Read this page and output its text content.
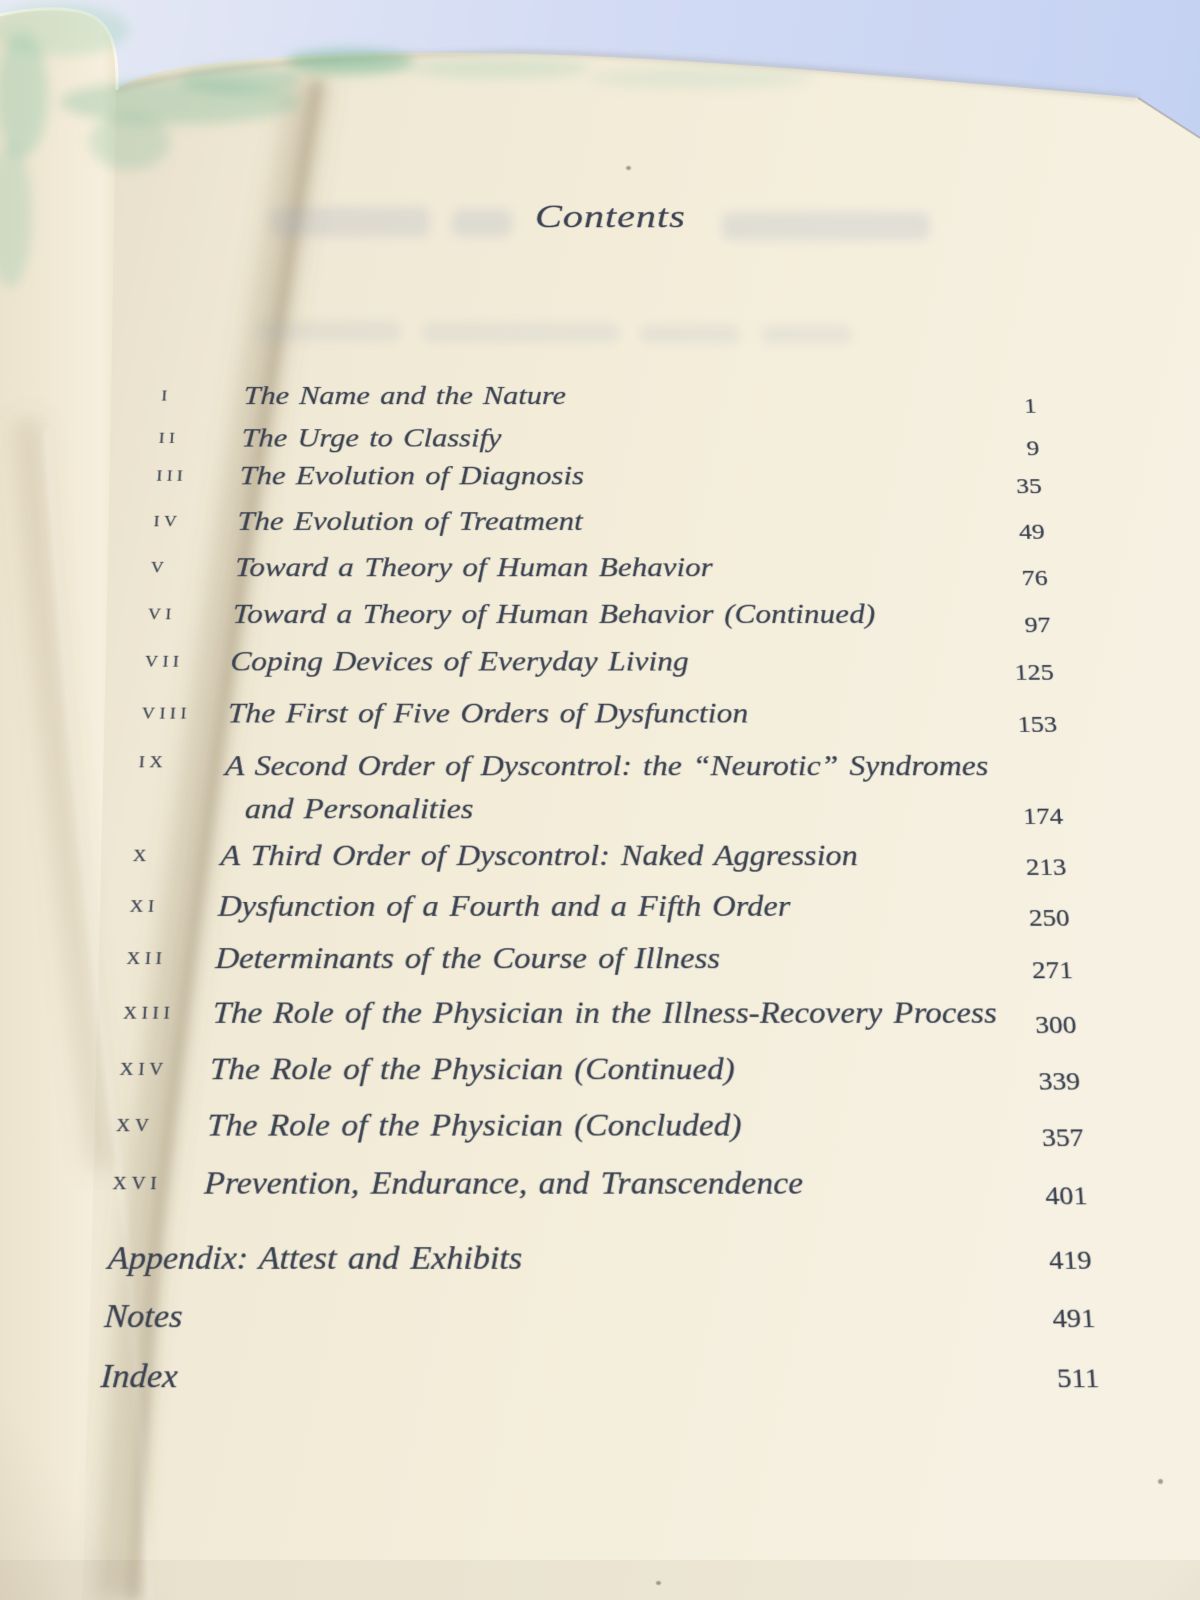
Contents
I The Name and the Nature	1
II The Urge to Classify	9
III The Evolution of Diagnosis	35
IV The Evolution of Treatment	49
V Toward a Theory of Human Behavior	76
VI Toward a Theory of Human Behavior (Continued)	97
VII Coping Devices of Everyday Living	125
VIII The First of Five Orders of Dysfunction	153
IX A Second Order of Dyscontrol: the “Neurotic” Syndromes
and Personalities	174
X A Third Order of Dyscontrol: Naked Aggression	213
XI Dysfunction of a Fourth and a Fifth Order	250
XII Determinants of the Course of Illness	271
XIII The Role of the Physician in the Illness-Recovery Process 300
XIV The Role of the Physician (Continued)	339
XV The Role of the Physician (Concluded)	357
XVI Prevention, Endurance, and Transcendence	401
Appendix: Attest and Exhibits	419
Notes	491
Index	511
